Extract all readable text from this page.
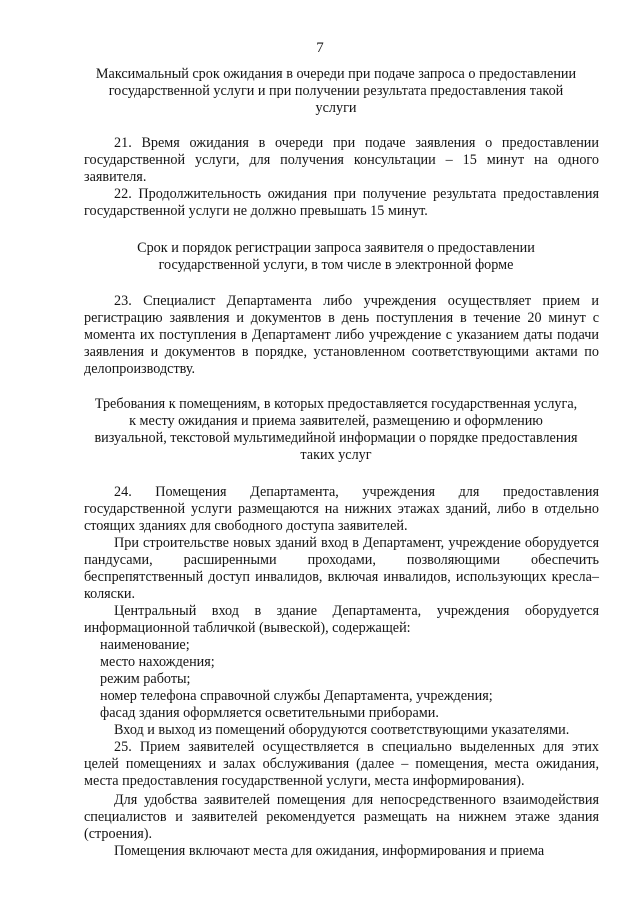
7
Максимальный срок ожидания в очереди при подаче запроса о предоставлении
государственной услуги и при получении результата предоставления такой
услуги
21. Время ожидания в очереди при подаче заявления о предоставлении государственной услуги, для получения консультации – 15 минут на одного заявителя.
22. Продолжительность ожидания при получение результата предоставления государственной услуги не должно превышать 15 минут.
Срок и порядок регистрации запроса заявителя о предоставлении
государственной услуги, в том числе в электронной форме
23. Специалист Департамента либо учреждения осуществляет прием и регистрацию заявления и документов в день поступления в течение 20 минут с момента их поступления в Департамент либо учреждение с указанием даты подачи заявления и документов в порядке, установленном соответствующими актами по делопроизводству.
Требования к помещениям, в которых предоставляется государственная услуга,
к месту ожидания и приема заявителей, размещению и оформлению
визуальной, текстовой мультимедийной информации о порядке предоставления
таких услуг
24. Помещения Департамента, учреждения для предоставления
государственной услуги размещаются на нижних этажах зданий, либо в отдельно стоящих зданиях для свободного доступа заявителей.
При строительстве новых зданий вход в Департамент, учреждение оборудуется пандусами, расширенными проходами, позволяющими обеспечить беспрепятственный доступ инвалидов, включая инвалидов, использующих кресла–коляски.
Центральный вход в здание Департамента, учреждения оборудуется информационной табличкой (вывеской), содержащей:
наименование;
место нахождения;
режим работы;
номер телефона справочной службы Департамента, учреждения;
фасад здания оформляется осветительными приборами.
Вход и выход из помещений оборудуются соответствующими указателями.
25. Прием заявителей осуществляется в специально выделенных для этих целей помещениях и залах обслуживания (далее – помещения, места ожидания, места предоставления государственной услуги, места информирования).
Для удобства заявителей помещения для непосредственного взаимодействия специалистов и заявителей рекомендуется размещать на нижнем этаже здания (строения).
Помещения включают места для ожидания, информирования и приема
